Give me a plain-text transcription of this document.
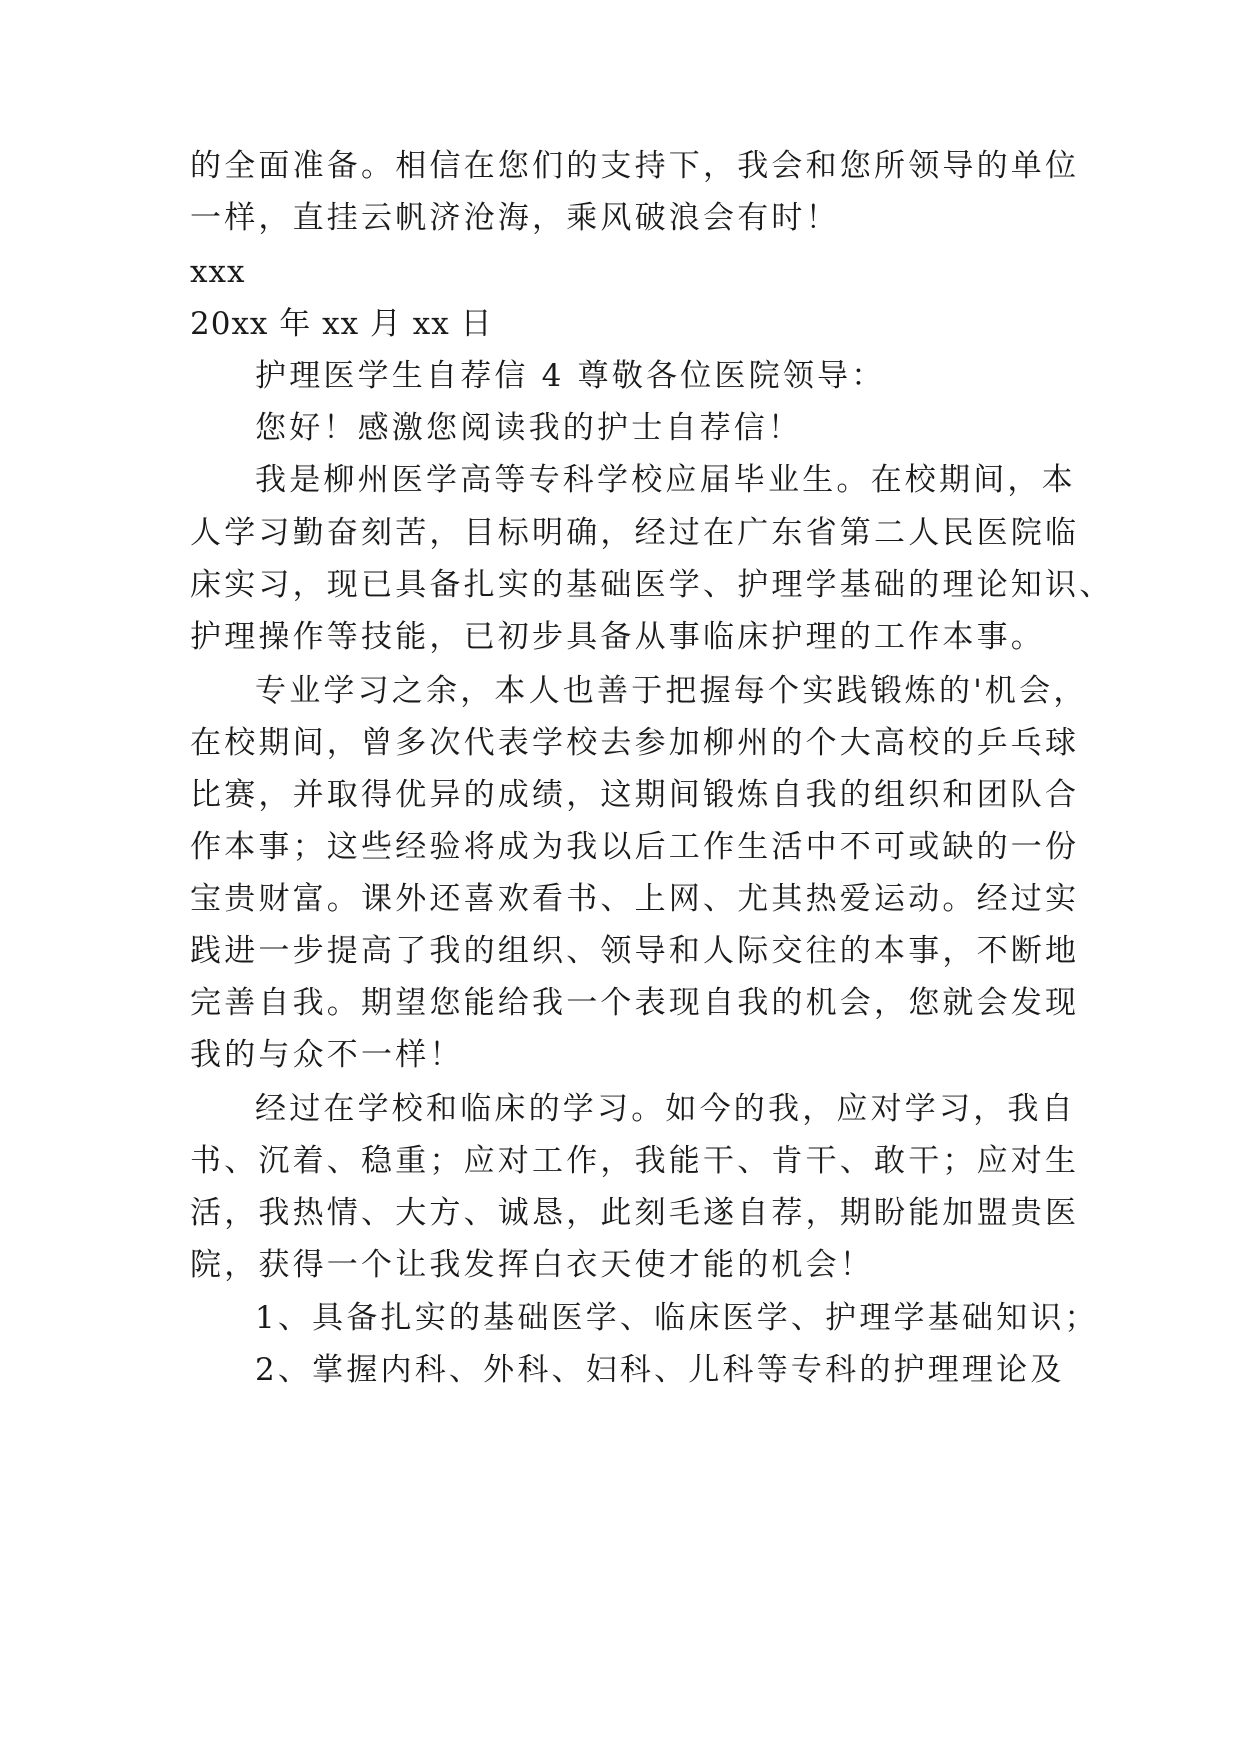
的全面准备。相信在您们的支持下，我会和您所领导的单位
一样，直挂云帆济沧海，乘风破浪会有时！
xxx
20xx 年 xx 月 xx 日
护理医学生自荐信 4 尊敬各位医院领导：
您好！感激您阅读我的护士自荐信！
我是柳州医学高等专科学校应届毕业生。在校期间，本
人学习勤奋刻苦，目标明确，经过在广东省第二人民医院临
床实习，现已具备扎实的基础医学、护理学基础的理论知识、
护理操作等技能，已初步具备从事临床护理的工作本事。
专业学习之余，本人也善于把握每个实践锻炼的'机会，
在校期间，曾多次代表学校去参加柳州的个大高校的乒乓球
比赛，并取得优异的成绩，这期间锻炼自我的组织和团队合
作本事；这些经验将成为我以后工作生活中不可或缺的一份
宝贵财富。课外还喜欢看书、上网、尤其热爱运动。经过实
践进一步提高了我的组织、领导和人际交往的本事，不断地
完善自我。期望您能给我一个表现自我的机会，您就会发现
我的与众不一样！
经过在学校和临床的学习。如今的我，应对学习，我自
书、沉着、稳重；应对工作，我能干、肯干、敢干；应对生
活，我热情、大方、诚恳，此刻毛遂自荐，期盼能加盟贵医
院，获得一个让我发挥白衣天使才能的机会！
1、具备扎实的基础医学、临床医学、护理学基础知识；
2、掌握内科、外科、妇科、儿科等专科的护理理论及
